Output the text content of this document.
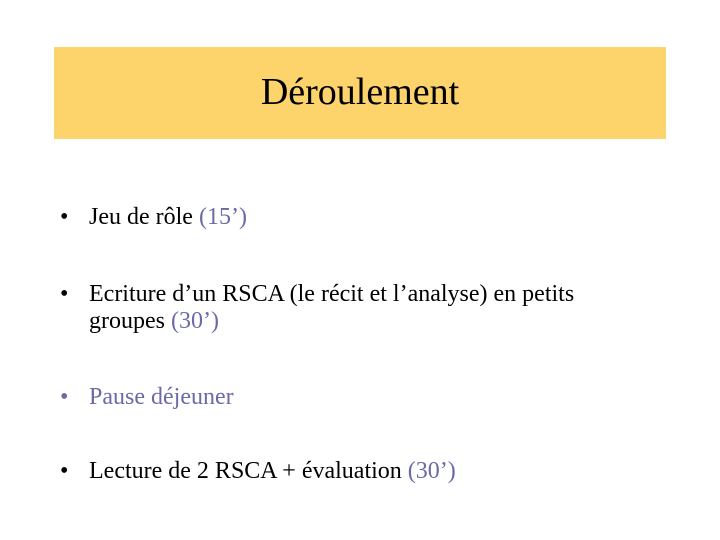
Déroulement
• Jeu de rôle (15’)
• Ecriture d’un RSCA (le récit et l’analyse) en petits groupes (30’)
• Pause déjeuner
• Lecture de 2 RSCA + évaluation (30’)
